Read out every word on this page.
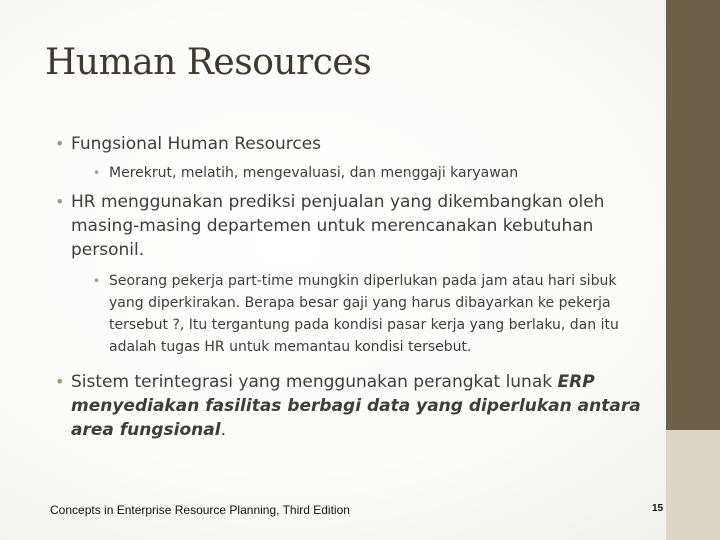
Human Resources
• Fungsional Human Resources
• Merekrut, melatih, mengevaluasi, dan menggaji karyawan
• HR menggunakan prediksi penjualan yang dikembangkan oleh masing-masing departemen untuk merencanakan kebutuhan personil.
• Seorang pekerja part-time mungkin diperlukan pada jam atau hari sibuk yang diperkirakan. Berapa besar gaji yang harus dibayarkan ke pekerja tersebut ?, Itu tergantung pada kondisi pasar kerja yang berlaku, dan itu adalah tugas HR untuk memantau kondisi tersebut.
• Sistem terintegrasi yang menggunakan perangkat lunak ERP menyediakan fasilitas berbagi data yang diperlukan antara area fungsional.
Concepts in Enterprise Resource Planning, Third Edition	15
